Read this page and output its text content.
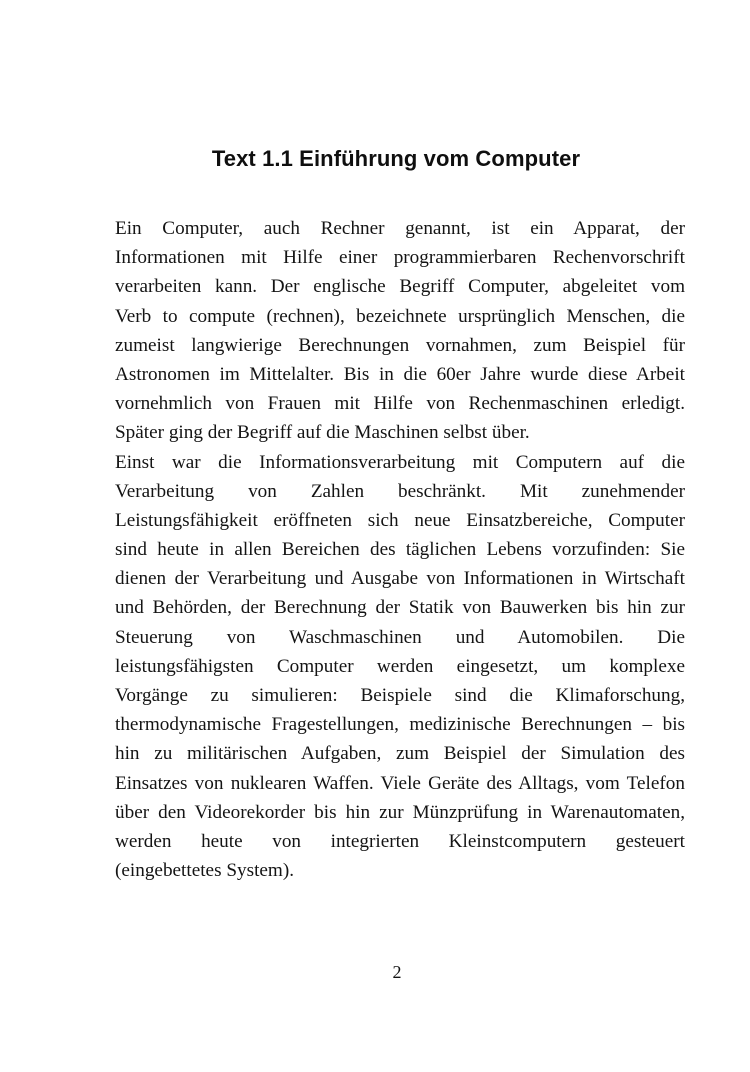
Text 1.1 Einführung vom Computer
Ein Computer, auch Rechner genannt, ist ein Apparat, der
Informationen mit Hilfe einer programmierbaren Rechenvorschrift
verarbeiten kann. Der englische Begriff Computer, abgeleitet vom
Verb to compute (rechnen), bezeichnete ursprünglich Menschen, die
zumeist langwierige Berechnungen vornahmen, zum Beispiel für
Astronomen im Mittelalter. Bis in die 60er Jahre wurde diese Arbeit
vornehmlich von Frauen mit Hilfe von Rechenmaschinen erledigt.
Später ging der Begriff auf die Maschinen selbst über.
Einst war die Informationsverarbeitung mit Computern auf die
Verarbeitung von Zahlen beschränkt. Mit zunehmender
Leistungsfähigkeit eröffneten sich neue Einsatzbereiche, Computer
sind heute in allen Bereichen des täglichen Lebens vorzufinden: Sie
dienen der Verarbeitung und Ausgabe von Informationen in Wirtschaft
und Behörden, der Berechnung der Statik von Bauwerken bis hin zur
Steuerung von Waschmaschinen und Automobilen. Die
leistungsfähigsten Computer werden eingesetzt, um komplexe
Vorgänge zu simulieren: Beispiele sind die Klimaforschung,
thermodynamische Fragestellungen, medizinische Berechnungen – bis
hin zu militärischen Aufgaben, zum Beispiel der Simulation des
Einsatzes von nuklearen Waffen. Viele Geräte des Alltags, vom Telefon
über den Videorekorder bis hin zur Münzprüfung in Warenautomaten,
werden heute von integrierten Kleinstcomputern gesteuert
(eingebettetes System).
2
